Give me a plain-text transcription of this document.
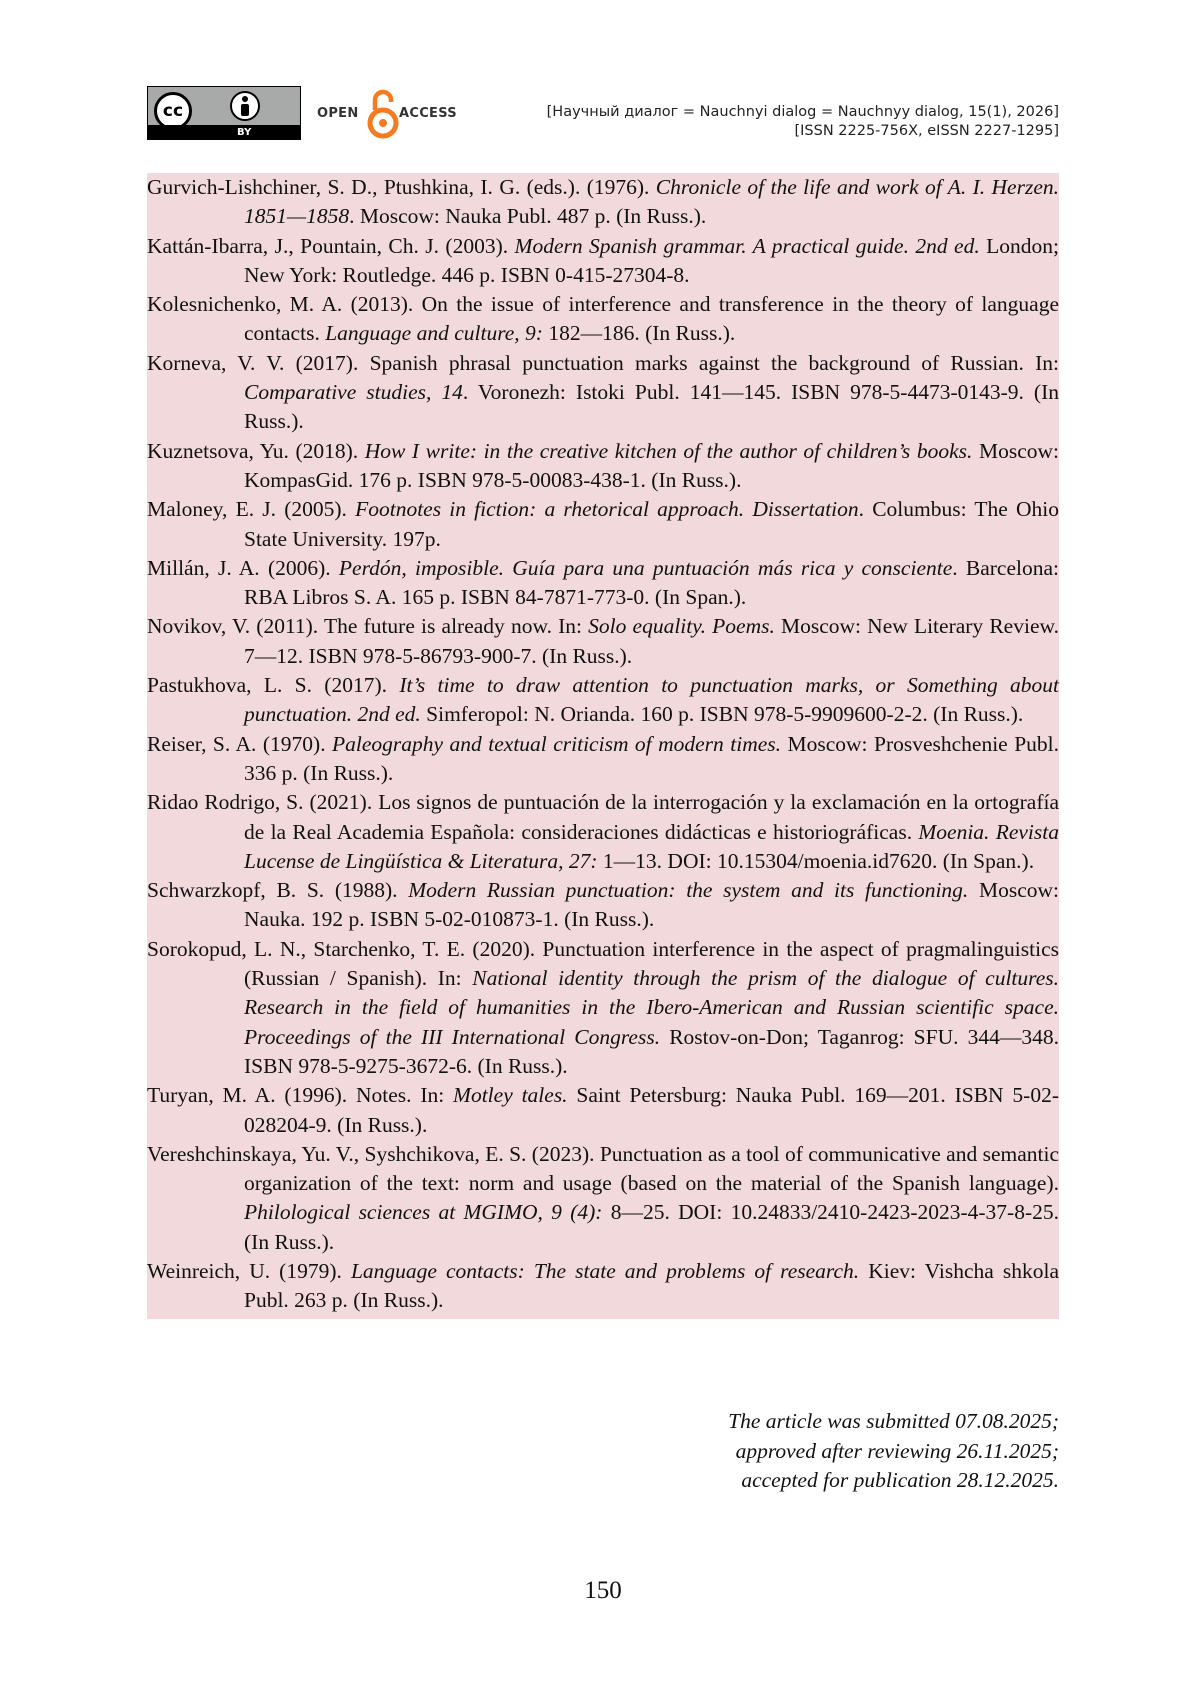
cc
BY
OPEN	ACCESS	[Научный диалог = Nauchnyi dialog = Nauchnyy dialog, 15(1), 2026]
[ISSN 2225-756X, eISSN 2227-1295]

Gurvich-Lishchiner, S. D., Ptushkina, I. G. (eds.). (1976). Chronicle of the life and work of A. I. Herzen. 1851—1858. Moscow: Nauka Publ. 487 p. (In Russ.).

Kattán-Ibarra, J., Pountain, Ch. J. (2003). Modern Spanish grammar. A practical guide. 2nd ed. London; New York: Routledge. 446 p. ISBN 0-415-27304-8.

Kolesnichenko, M. A. (2013). On the issue of interference and transference in the theory of language contacts. Language and culture, 9: 182—186. (In Russ.).

Korneva, V. V. (2017). Spanish phrasal punctuation marks against the background of Russian. In: Comparative studies, 14. Voronezh: Istoki Publ. 141—145. ISBN 978-5-4473-0143-9. (In Russ.).

Kuznetsova, Yu. (2018). How I write: in the creative kitchen of the author of children’s books. Moscow: KompasGid. 176 p. ISBN 978-5-00083-438-1. (In Russ.).

Maloney, E. J. (2005). Footnotes in fiction: a rhetorical approach. Dissertation. Columbus: The Ohio State University. 197p.

Millán, J. A. (2006). Perdón, imposible. Guía para una puntuación más rica y consciente. Barcelona: RBA Libros S. A. 165 p. ISBN 84-7871-773-0. (In Span.).

Novikov, V. (2011). The future is already now. In: Solo equality. Poems. Moscow: New Literary Review. 7—12. ISBN 978-5-86793-900-7. (In Russ.).

Pastukhova, L. S. (2017). It’s time to draw attention to punctuation marks, or Something about punctuation. 2nd ed. Simferopol: N. Orianda. 160 p. ISBN 978-5-9909600-2-2. (In Russ.).

Reiser, S. A. (1970). Paleography and textual criticism of modern times. Moscow: Prosveshchenie Publ. 336 p. (In Russ.).

Ridao Rodrigo, S. (2021). Los signos de puntuación de la interrogación y la exclamación en la ortografía de la Real Academia Española: consideraciones didácticas e historiográficas. Moenia. Revista Lucense de Lingüística & Literatura, 27: 1—13. DOI: 10.15304/moenia.id7620. (In Span.).

Schwarzkopf, B. S. (1988). Modern Russian punctuation: the system and its functioning. Moscow: Nauka. 192 p. ISBN 5-02-010873-1. (In Russ.).

Sorokopud, L. N., Starchenko, T. E. (2020). Punctuation interference in the aspect of pragmalinguistics (Russian / Spanish). In: National identity through the prism of the dialogue of cultures. Research in the field of humanities in the Ibero-American and Russian scientific space. Proceedings of the III International Congress. Rostov-on-Don; Taganrog: SFU. 344—348. ISBN 978-5-9275-3672-6. (In Russ.).

Turyan, M. A. (1996). Notes. In: Motley tales. Saint Petersburg: Nauka Publ. 169—201. ISBN 5-02-028204-9. (In Russ.).

Vereshchinskaya, Yu. V., Syshchikova, E. S. (2023). Punctuation as a tool of communicative and semantic organization of the text: norm and usage (based on the material of the Spanish language). Philological sciences at MGIMO, 9 (4): 8—25. DOI: 10.24833/2410-2423-2023-4-37-8-25. (In Russ.).

Weinreich, U. (1979). Language contacts: The state and problems of research. Kiev: Vishcha shkola Publ. 263 p. (In Russ.).

The article was submitted 07.08.2025;
approved after reviewing 26.11.2025;
accepted for publication 28.12.2025.
150
